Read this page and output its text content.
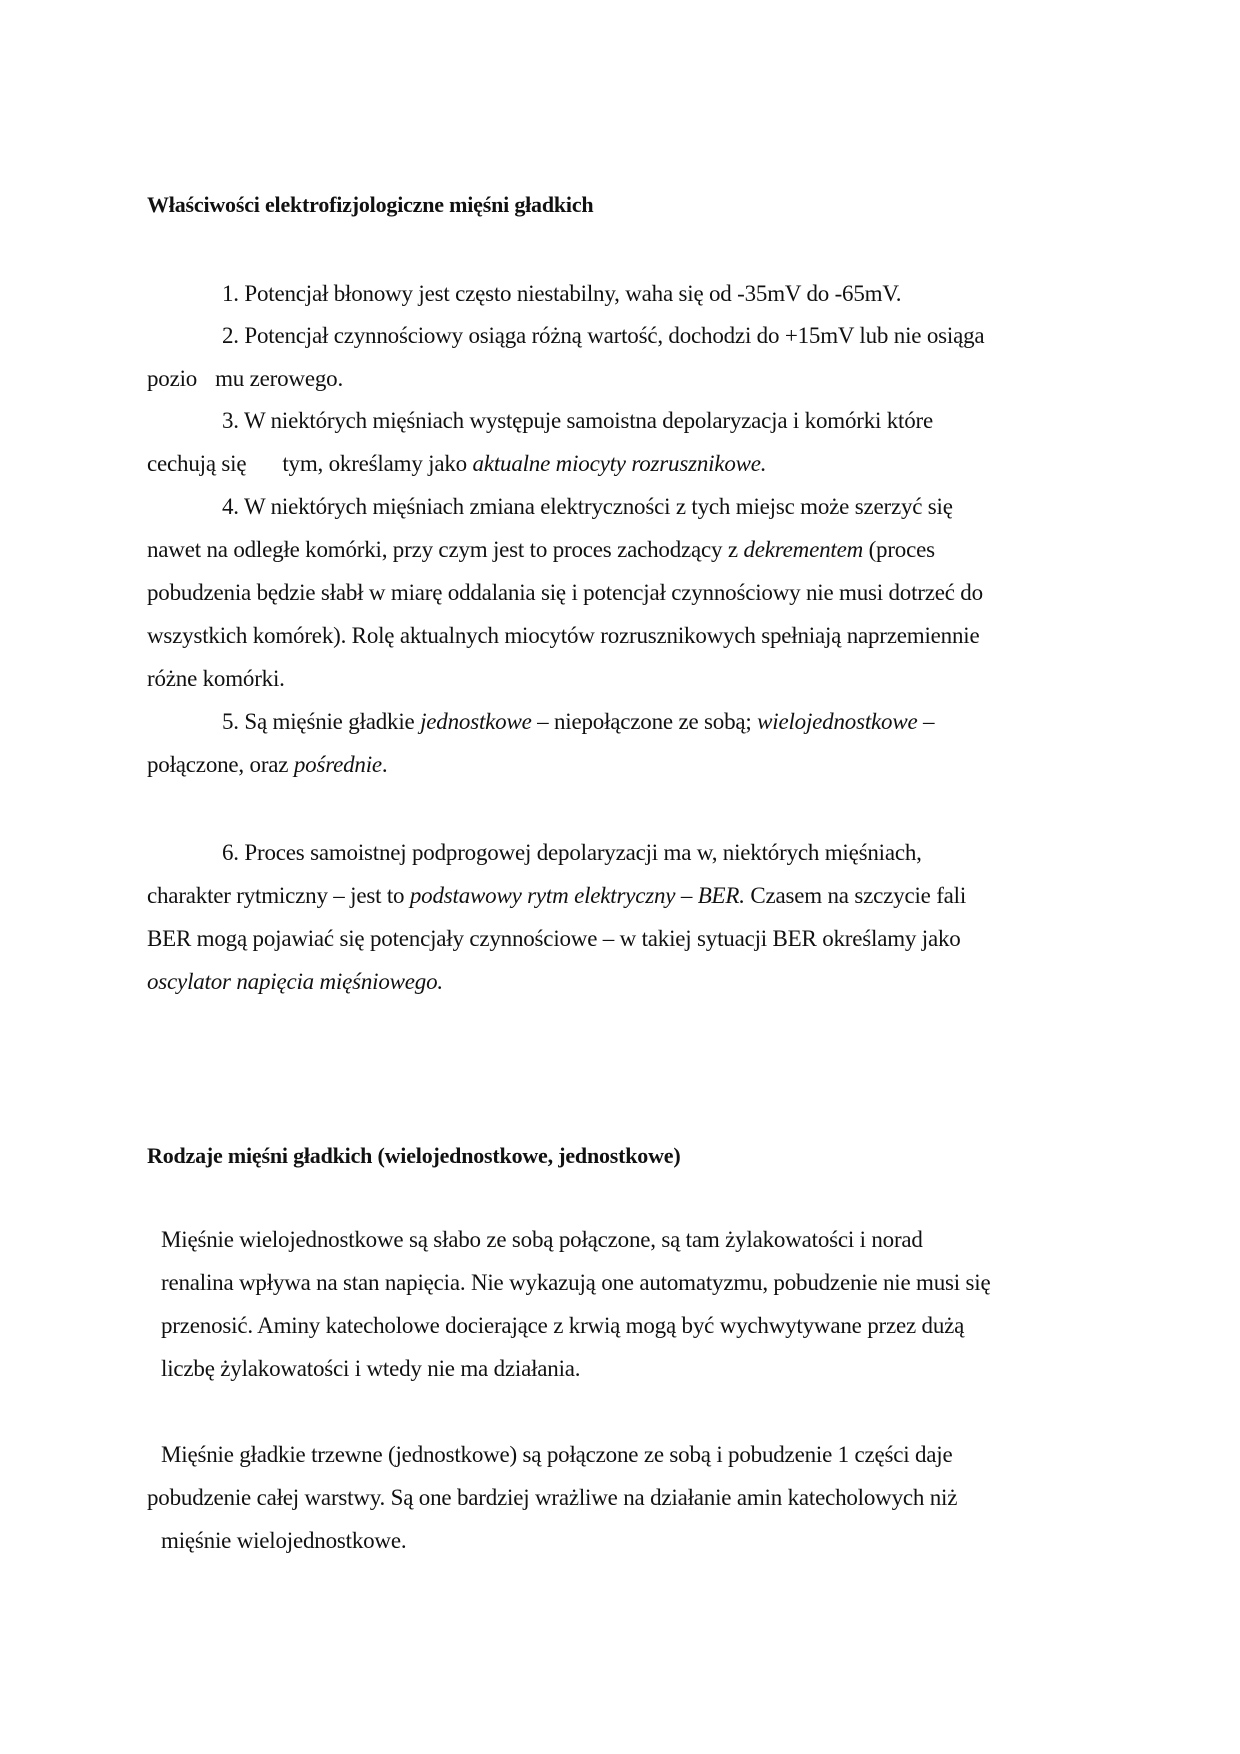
Właściwości elektrofizjologiczne mięśni gładkich
1. Potencjał błonowy jest często niestabilny, waha się od -35mV do -65mV.
2. Potencjał czynnościowy osiąga różną wartość, dochodzi do +15mV lub nie osiąga
pozio mu zerowego.
3. W niektórych mięśniach występuje samoistna depolaryzacja i komórki które
cechują się tym, określamy jako aktualne miocyty rozrusznikowe.
4. W niektórych mięśniach zmiana elektryczności z tych miejsc może szerzyć się
nawet na odległe komórki, przy czym jest to proces zachodzący z dekrementem (proces
pobudzenia będzie słabł w miarę oddalania się i potencjał czynnościowy nie musi dotrzeć do
wszystkich komórek). Rolę aktualnych miocytów rozrusznikowych spełniają naprzemiennie
różne komórki.
5. Są mięśnie gładkie jednostkowe – niepołączone ze sobą; wielojednostkowe –
połączone, oraz pośrednie.
6. Proces samoistnej podprogowej depolaryzacji ma w, niektórych mięśniach,
charakter rytmiczny – jest to podstawowy rytm elektryczny – BER. Czasem na szczycie fali
BER mogą pojawiać się potencjały czynnościowe – w takiej sytuacji BER określamy jako
oscylator napięcia mięśniowego.
Rodzaje mięśni gładkich (wielojednostkowe, jednostkowe)
Mięśnie wielojednostkowe są słabo ze sobą połączone, są tam żylakowatości i norad
renalina wpływa na stan napięcia. Nie wykazują one automatyzmu, pobudzenie nie musi się
przenosić. Aminy katecholowe docierające z krwią mogą być wychwytywane przez dużą
liczbę żylakowatości i wtedy nie ma działania.
Mięśnie gładkie trzewne (jednostkowe) są połączone ze sobą i pobudzenie 1 części daje
pobudzenie całej warstwy. Są one bardziej wrażliwe na działanie amin katecholowych niż
mięśnie wielojednostkowe.
